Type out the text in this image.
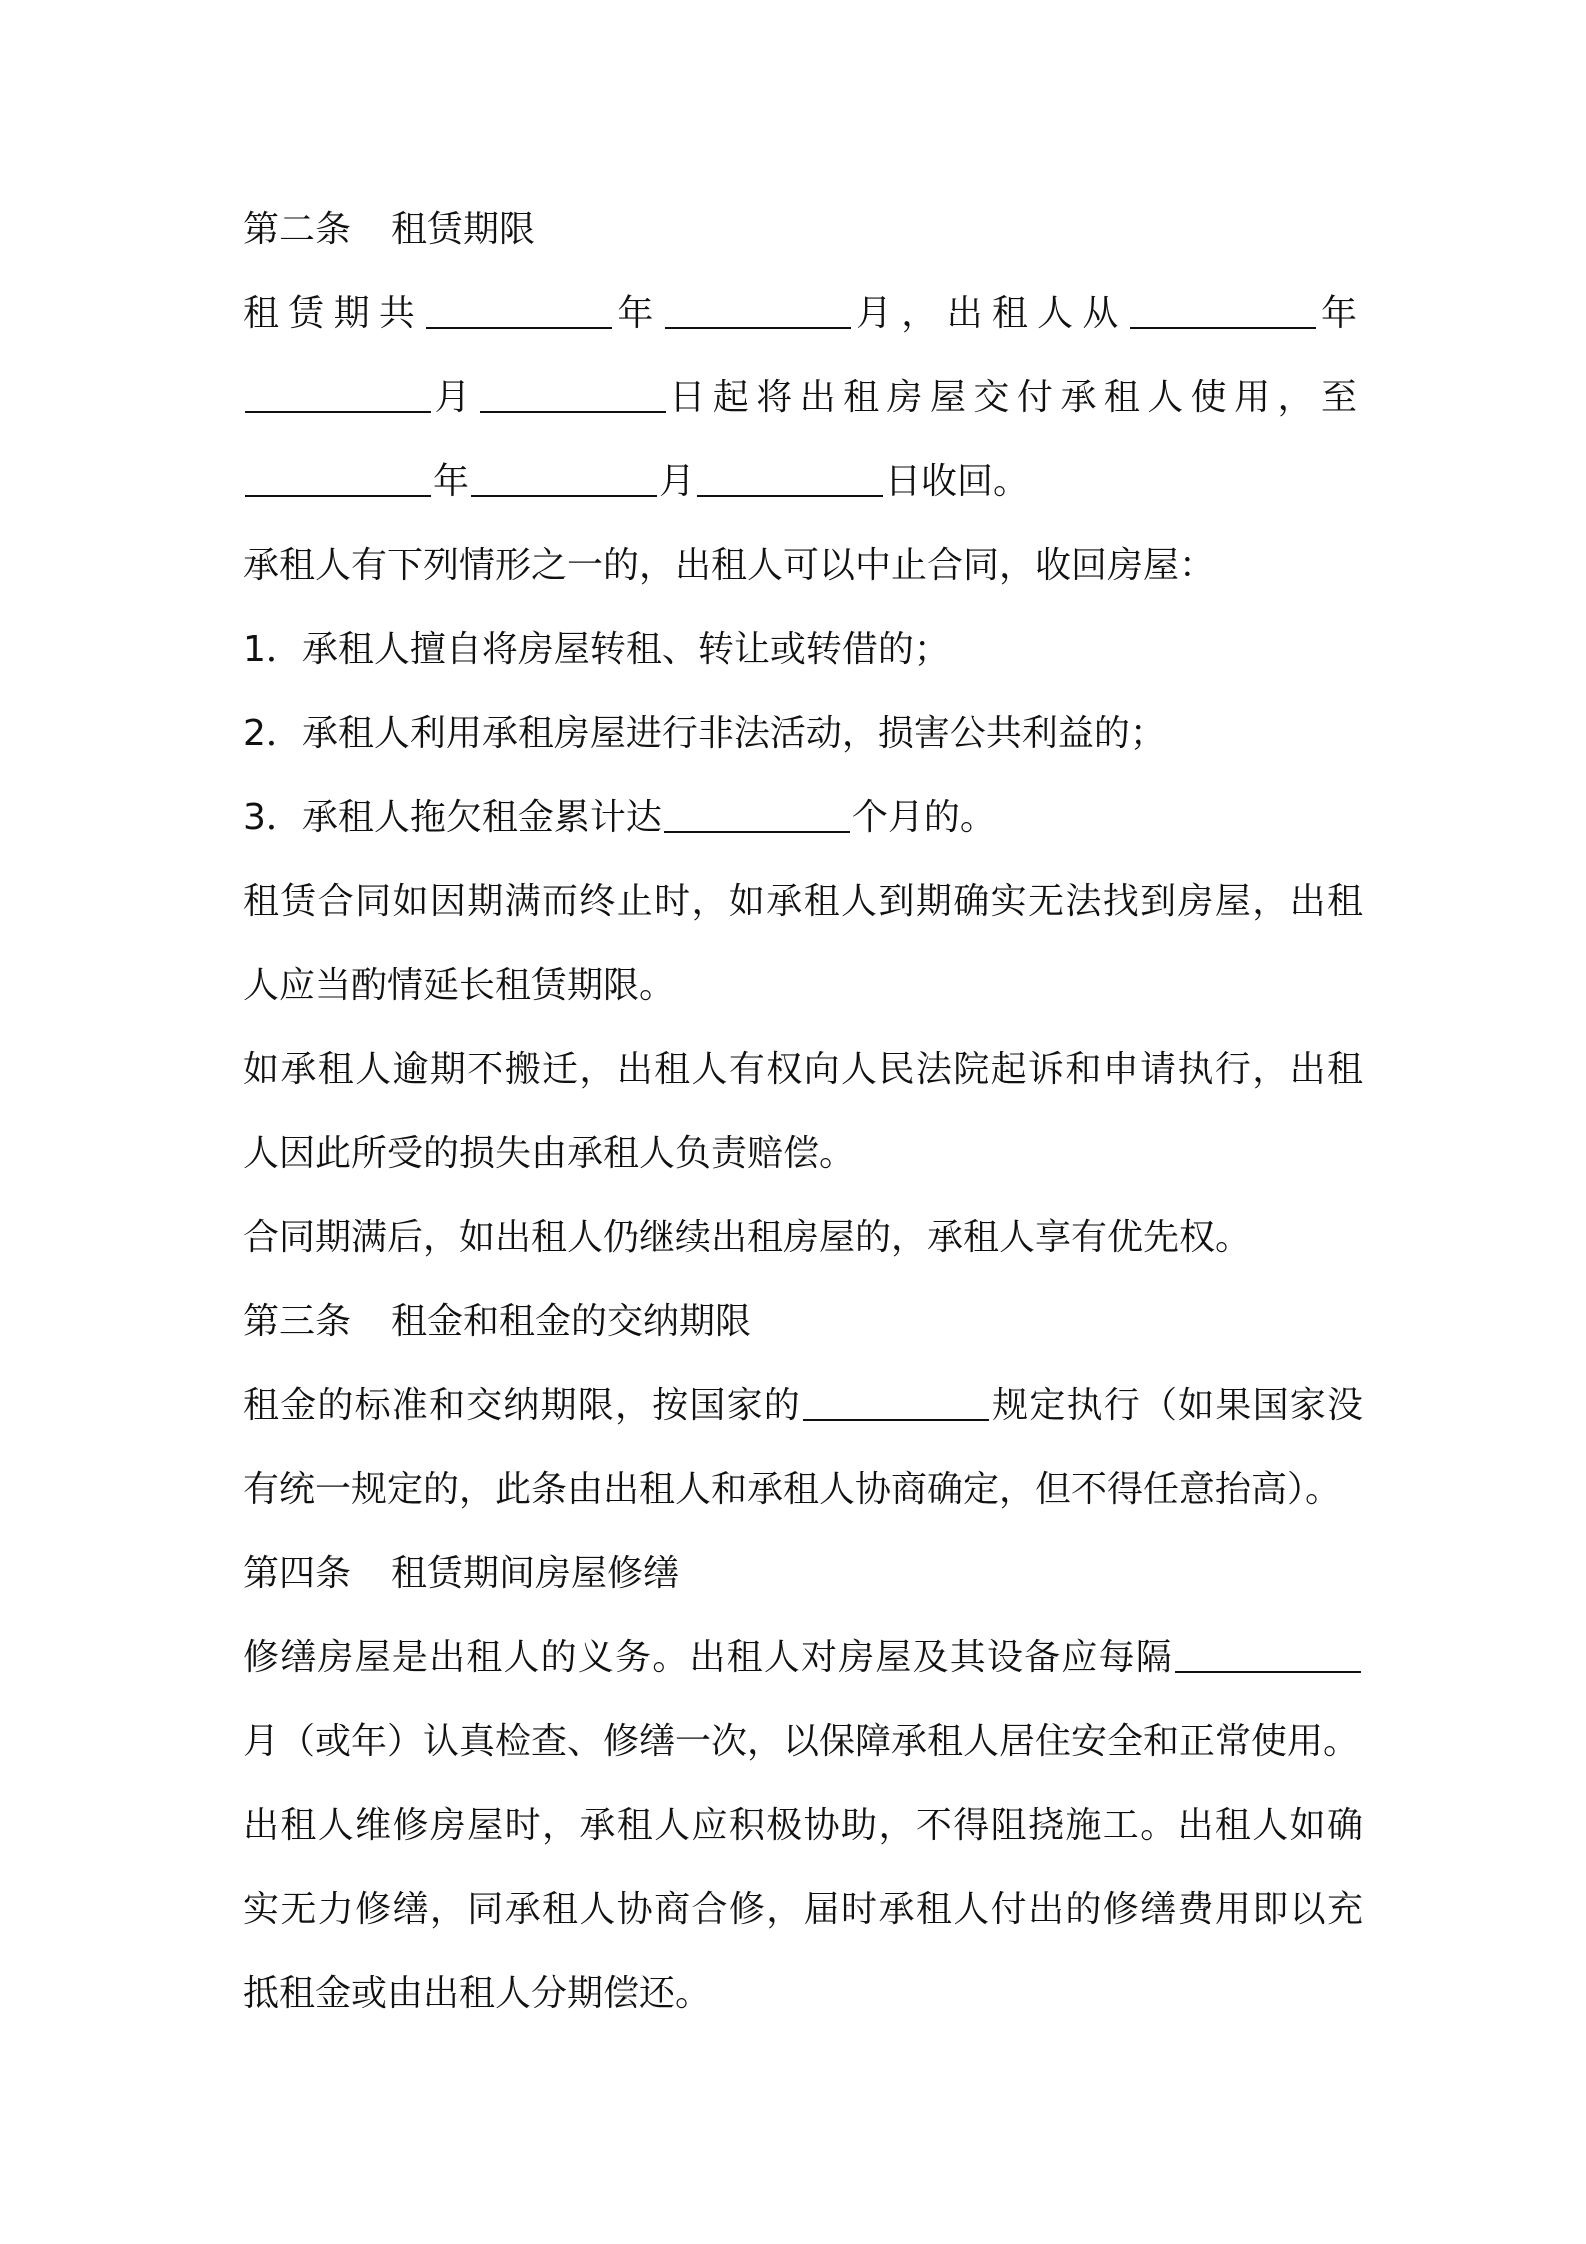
第二条 租赁期限
租赁期共	年	月，出租人从	年
月	日起将出租房屋交付承租人使用，至
年	月	日收回。
承租人有下列情形之一的，出租人可以中止合同，收回房屋：
1．承租人擅自将房屋转租、转让或转借的；
2．承租人利用承租房屋进行非法活动，损害公共利益的；
3．承租人拖欠租金累计达	个月的。
租赁合同如因期满而终止时，如承租人到期确实无法找到房屋，出租
人应当酌情延长租赁期限。
如承租人逾期不搬迁，出租人有权向人民法院起诉和申请执行，出租
人因此所受的损失由承租人负责赔偿。
合同期满后，如出租人仍继续出租房屋的，承租人享有优先权。
第三条 租金和租金的交纳期限
租金的标准和交纳期限，按国家的	规定执行（如果国家没
有统一规定的，此条由出租人和承租人协商确定，但不得任意抬高）。
第四条 租赁期间房屋修缮
修缮房屋是出租人的义务。出租人对房屋及其设备应每隔
月（或年）认真检查、修缮一次，以保障承租人居住安全和正常使用。
出租人维修房屋时，承租人应积极协助，不得阻挠施工。出租人如确
实无力修缮，同承租人协商合修，届时承租人付出的修缮费用即以充
抵租金或由出租人分期偿还。
